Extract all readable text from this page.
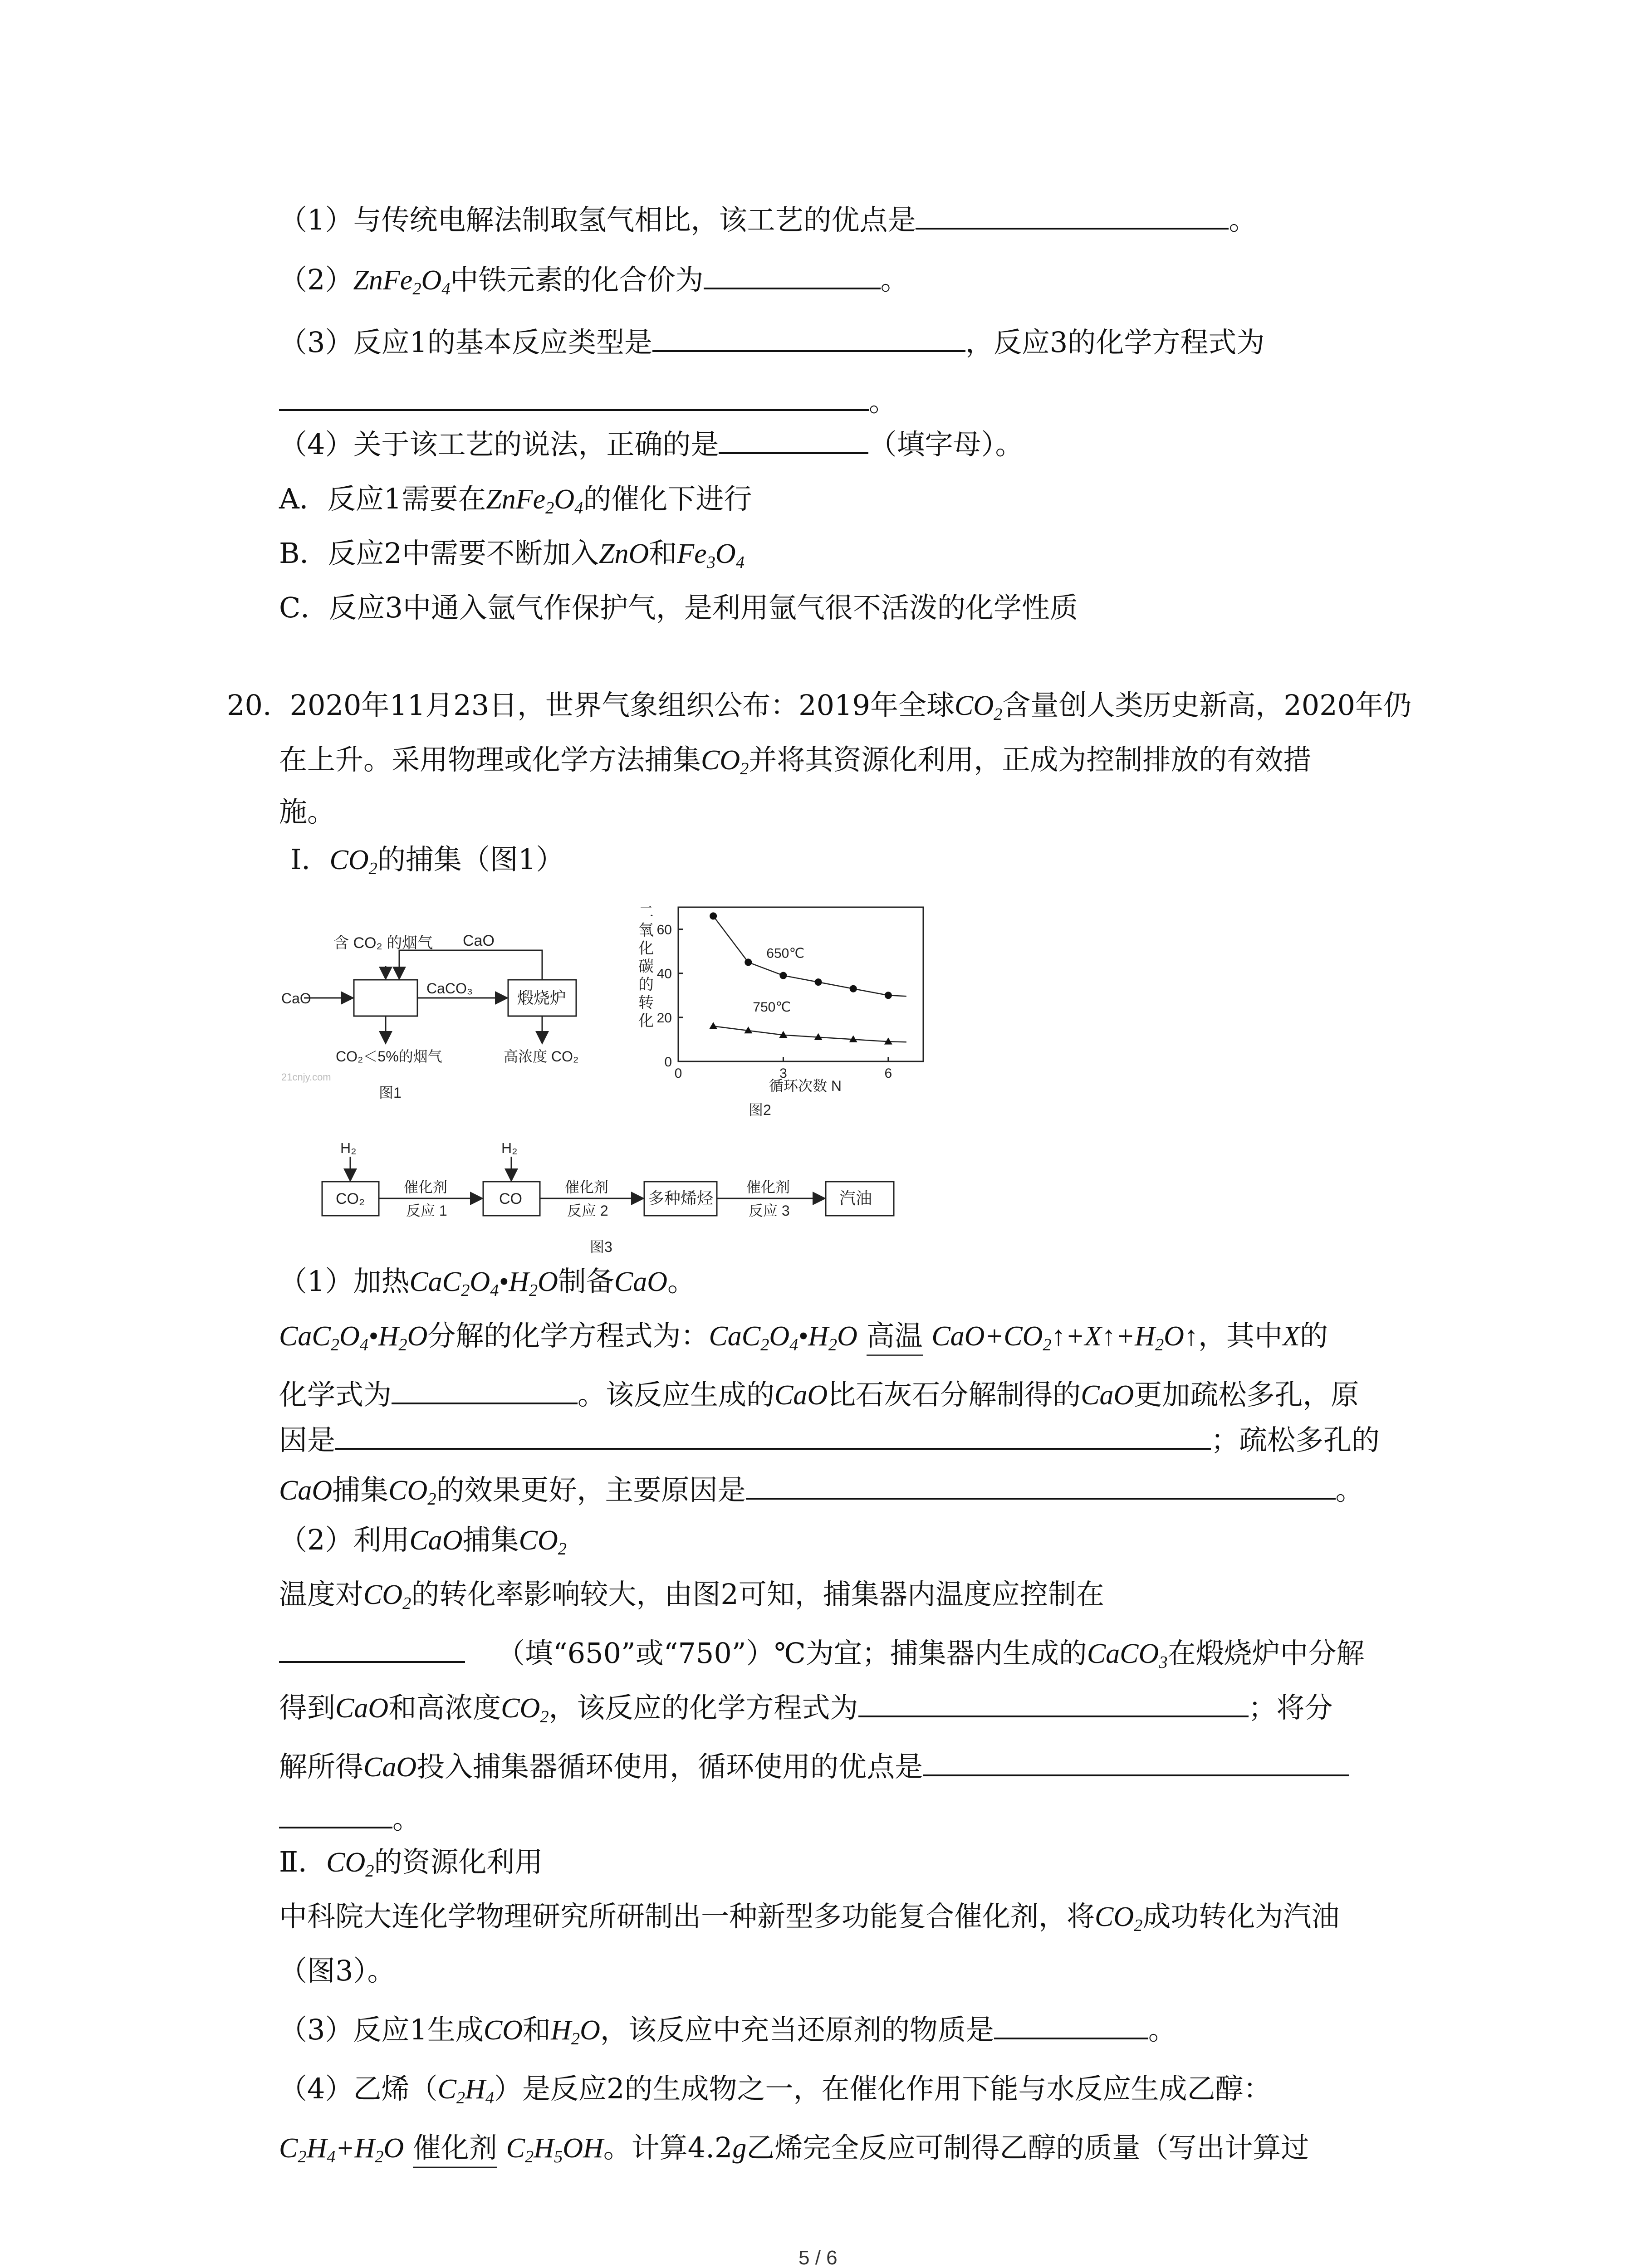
（1）与传统电解法制取氢气相比，该工艺的优点是	。
$(2)ZnFe_2O_4$中铁元素的化合价为	。
（3）反应1的基本反应类型是	，反应3的化学方程式为
。
（4）关于该工艺的说法，正确的是	（填字母）。
A．反应1需要在$ZnFe_2O_4$的催化下进行
B．反应2中需要不断加入ZnO和$Fe_3O_4$
C．反应3中通入氩气作保护气，是利用氩气很不活泼的化学性质
20. 2020年11月23日，世界气象组织公布：2019年全球$CO_2$含量创人类历史新高，2020年仍
在上升。采用物理或化学方法捕集$CO_2$并将其资源化利用，正成为控制排放的有效措
施。
Ⅰ．$CO_2$的捕集（图1）
含 CO₂ 的烟气 CaO
CaO
CaCO₃	煅烧炉
CO₂＜5%的烟气	高浓度 CO₂
21cnjy.com
图1
二氧化碳的转化
0
20
40
60
0	3	6
650℃
750℃
循环次数 N
图2
H₂	H₂
CO₂	CO	多种烯烃	汽油
催化剂	催化剂	催化剂
反应 1	反应 2	反应 3
图3
（1）加热$CaC_2O_4•H_2O$制备CaO。
$CaC_2O_4•H_2O$分解的化学方程式为：$CaC_2O_4•H_2O$ 高温 $CaO+CO_2↑+X↑+H_2O↑$，其中X的
化学式为	。该反应生成的CaO比石灰石分解制得的CaO更加疏松多孔，原
因是	；疏松多孔的
CaO捕集$CO_2$的效果更好，主要原因是	。
（2）利用CaO捕集$CO_2$
温度对$CO_2$的转化率影响较大，由图2可知，捕集器内温度应控制在
（填“650”或“750”）℃为宜；捕集器内生成的CaCO$_3$在煅烧炉中分解
得到CaO和高浓度$CO_2$，该反应的化学方程式为	；将分
解所得CaO投入捕集器循环使用，循环使用的优点是
。
Ⅱ．$CO_2$的资源化利用
中科院大连化学物理研究所研制出一种新型多功能复合催化剂，将$CO_2$成功转化为汽油
（图3）。
（3）反应1生成CO和$H_2O$，该反应中充当还原剂的物质是	。
（4）乙烯$(C_2H_4)$是反应2的生成物之一，在催化作用下能与水反应生成乙醇：
$C_2H_4+H_2O$ 催化剂 $C_2H_5OH$。计算4.2g乙烯完全反应可制得乙醇的质量（写出计算过
5 / 6
